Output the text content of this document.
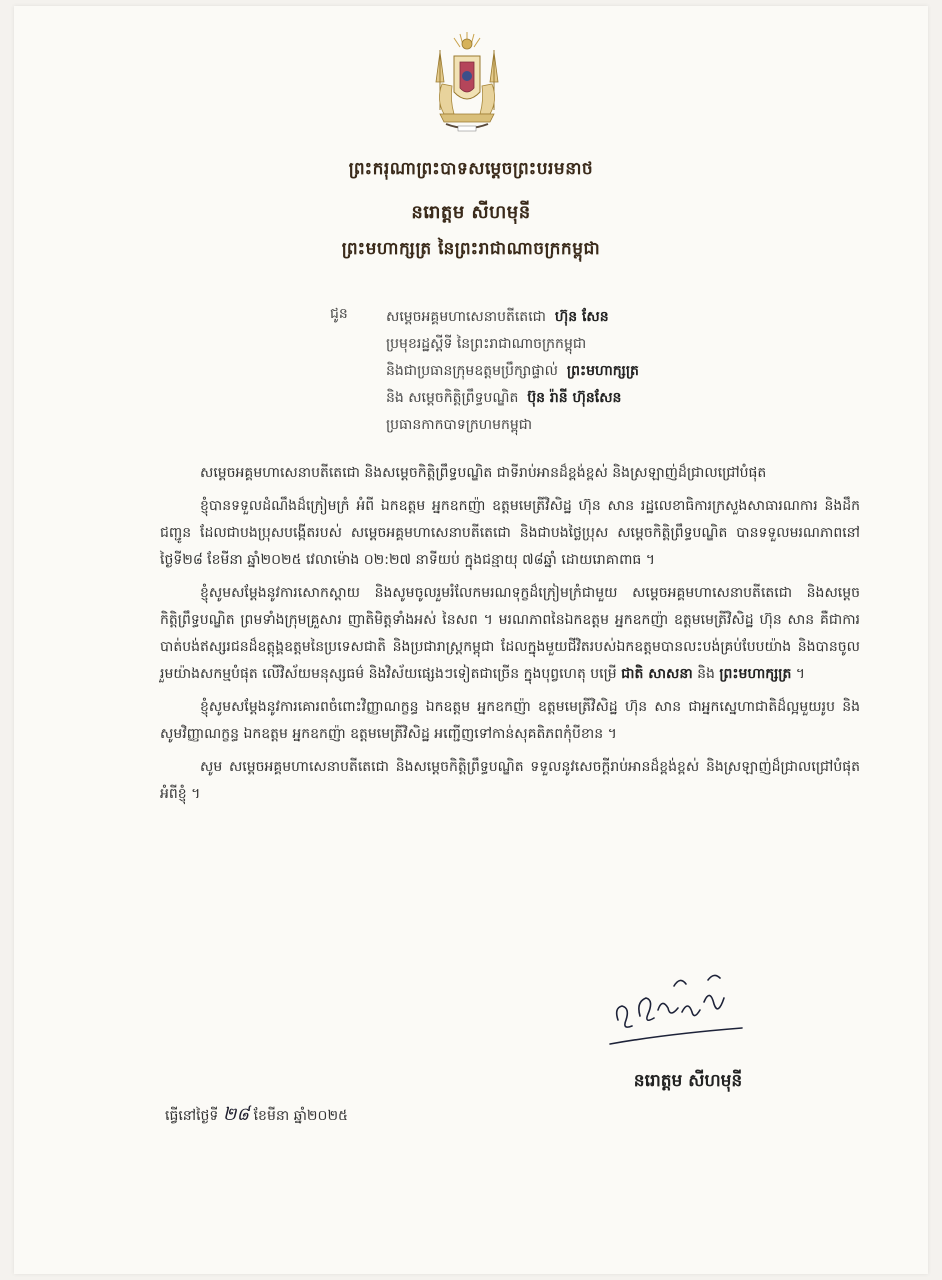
ព្រះករុណាព្រះបាទសម្តេចព្រះបរមនាថ
នរោត្តម សីហមុនី
ព្រះមហាក្សត្រ នៃព្រះរាជាណាចក្រកម្ពុជា
ជូន	សម្តេចអគ្គមហាសេនាបតីតេជោ ហ៊ុន សែន
ប្រមុខរដ្ឋស្តីទី នៃព្រះរាជាណាចក្រកម្ពុជា
និងជាប្រធានក្រុមឧត្តមប្រឹក្សាផ្ទាល់ ព្រះមហាក្សត្រ
និង សម្តេចកិត្តិព្រឹទ្ធបណ្ឌិត ប៊ុន រ៉ានី ហ៊ុនសែន
ប្រធានកាកបាទក្រហមកម្ពុជា

សម្តេចអគ្គមហាសេនាបតីតេជោ និងសម្តេចកិត្តិព្រឹទ្ធបណ្ឌិត ជាទីរាប់អានដ៏ខ្ពង់ខ្ពស់ និងស្រឡាញ់ដ៏ជ្រាលជ្រៅបំផុត

ខ្ញុំបានទទួលដំណឹងដ៏ក្រៀមក្រំ អំពី ឯកឧត្តម អ្នកឧកញ៉ា ឧត្តមមេត្រីវិសិដ្ឋ ហ៊ុន សាន រដ្ឋលេខាធិការក្រសួងសាធារណការ និងដឹកជញ្ជូន ដែលជាបងប្រុសបង្កើតរបស់ សម្តេចអគ្គមហាសេនាបតីតេជោ និងជាបងថ្លៃប្រុស សម្តេចកិត្តិព្រឹទ្ធបណ្ឌិត បានទទួលមរណភាពនៅថ្ងៃទី២៨ ខែមីនា ឆ្នាំ២០២៥ វេលាម៉ោង ០២:២៧ នាទីយប់ ក្នុងជន្មាយុ ៧៨ឆ្នាំ ដោយរោគាពាធ ។

ខ្ញុំសូមសម្តែងនូវការសោកស្តាយ និងសូមចូលរួមរំលែកមរណទុក្ខដ៏ក្រៀមក្រំជាមួយ សម្តេចអគ្គមហាសេនាបតីតេជោ និងសម្តេចកិត្តិព្រឹទ្ធបណ្ឌិត ព្រមទាំងក្រុមគ្រួសារ ញាតិមិត្តទាំងអស់ នៃសព ។ មរណភាពនៃឯកឧត្តម អ្នកឧកញ៉ា ឧត្តមមេត្រីវិសិដ្ឋ ហ៊ុន សាន គឺជាការបាត់បង់ឥស្សរជនដ៏ឧត្តុង្គឧត្តមនៃប្រទេសជាតិ និងប្រជារាស្ត្រកម្ពុជា ដែលក្នុងមួយជីវិតរបស់ឯកឧត្តមបានលះបង់គ្រប់បែបយ៉ាង និងបានចូលរួមយ៉ាងសកម្មបំផុត លើវិស័យមនុស្សធម៌ និងវិស័យផ្សេងៗទៀតជាច្រើន ក្នុងបុព្វហេតុ បម្រើ ជាតិ សាសនា និង ព្រះមហាក្សត្រ ។

ខ្ញុំសូមសម្តែងនូវការគោរពចំពោះវិញ្ញាណក្ខន្ធ ឯកឧត្តម អ្នកឧកញ៉ា ឧត្តមមេត្រីវិសិដ្ឋ ហ៊ុន សាន ជាអ្នកស្នេហាជាតិដ៏ល្អមួយរូប និងសូមវិញ្ញាណក្ខន្ធ ឯកឧត្តម អ្នកឧកញ៉ា ឧត្តមមេត្រីវិសិដ្ឋ អញ្ជើញទៅកាន់សុគតិភពកុំបីខាន ។

សូម សម្តេចអគ្គមហាសេនាបតីតេជោ និងសម្តេចកិត្តិព្រឹទ្ធបណ្ឌិត ទទួលនូវសេចក្តីរាប់អានដ៏ខ្ពង់ខ្ពស់ និងស្រឡាញ់ដ៏ជ្រាលជ្រៅបំផុត អំពីខ្ញុំ ។

នរោត្តម សីហមុនី
ធ្វើនៅថ្ងៃទី ២៨ ខែមីនា ឆ្នាំ២០២៥
